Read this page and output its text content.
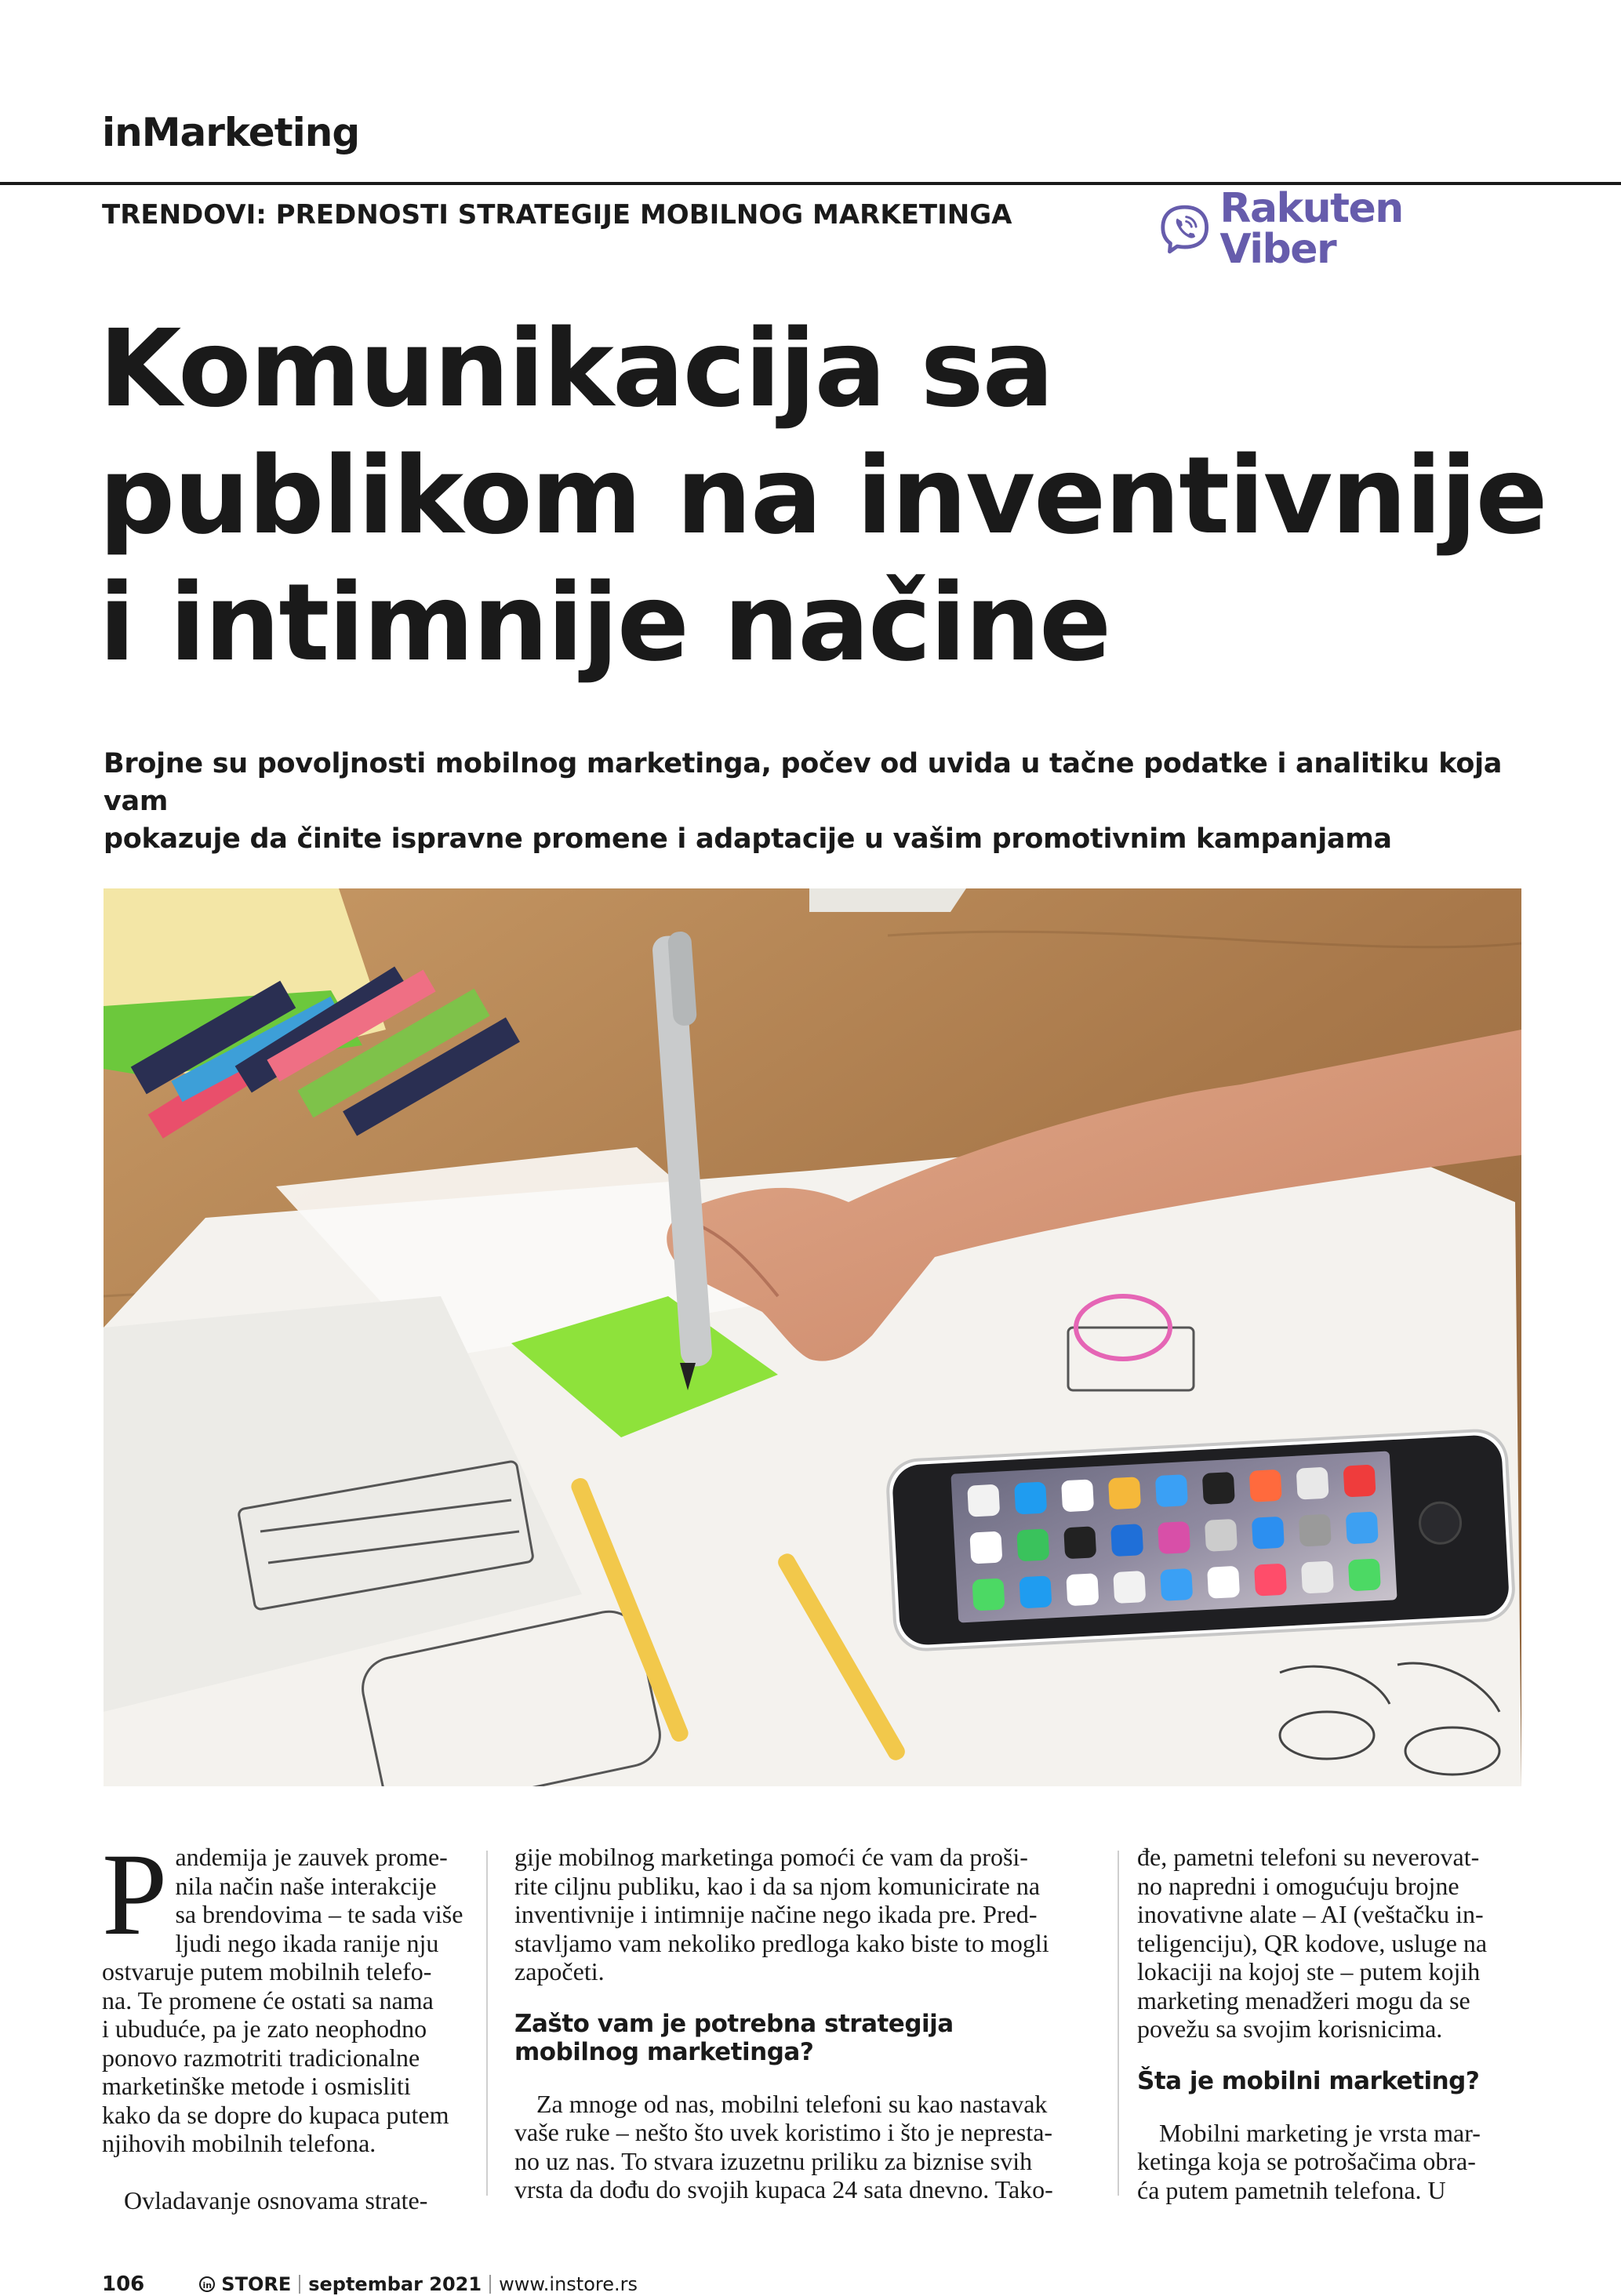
inMarketing
TRENDOVI: PREDNOSTI STRATEGIJE MOBILNOG MARKETINGA	Rakuten Viber
Komunikacija sa
publikom na inventivnije
i intimnije načine
Brojne su povoljnosti mobilnog marketinga, počev od uvida u tačne podatke i analitiku koja vam
pokazuje da činite ispravne promene i adaptacije u vašim promotivnim kampanjama
P andemija je zauvek prome-
nila način naše interakcije
sa brendovima – te sada više
ljudi nego ikada ranije nju
ostvaruje putem mobilnih telefo-
na. Te promene će ostati sa nama
i ubuduće, pa je zato neophodno
ponovo razmotriti tradicionalne
marketinške metode i osmisliti
kako da se dopre do kupaca putem
njihovih mobilnih telefona.

Ovladavanje osnovama strate-

gije mobilnog marketinga pomoći će vam da proši-
rite ciljnu publiku, kao i da sa njom komunicirate na
inventivnije i intimnije načine nego ikada pre. Pred-
stavljamo vam nekoliko predloga kako biste to mogli
započeti.

Zašto vam je potrebna strategija
mobilnog marketinga?

Za mnoge od nas, mobilni telefoni su kao nastavak
vaše ruke – nešto što uvek koristimo i što je nepresta-
no uz nas. To stvara izuzetnu priliku za biznise svih
vrsta da dođu do svojih kupaca 24 sata dnevno. Tako-

đe, pametni telefoni su neverovat-
no napredni i omogućuju brojne
inovativne alate – AI (veštačku in-
teligenciju), QR kodove, usluge na
lokaciji na kojoj ste – putem kojih
marketing menadžeri mogu da se
povežu sa svojim korisnicima.

Šta je mobilni marketing?

Mobilni marketing je vrsta mar-
ketinga koja se potrošačima obra-
ća putem pametnih telefona. U

106	in STORE septembar 2021 www.instore.rs
